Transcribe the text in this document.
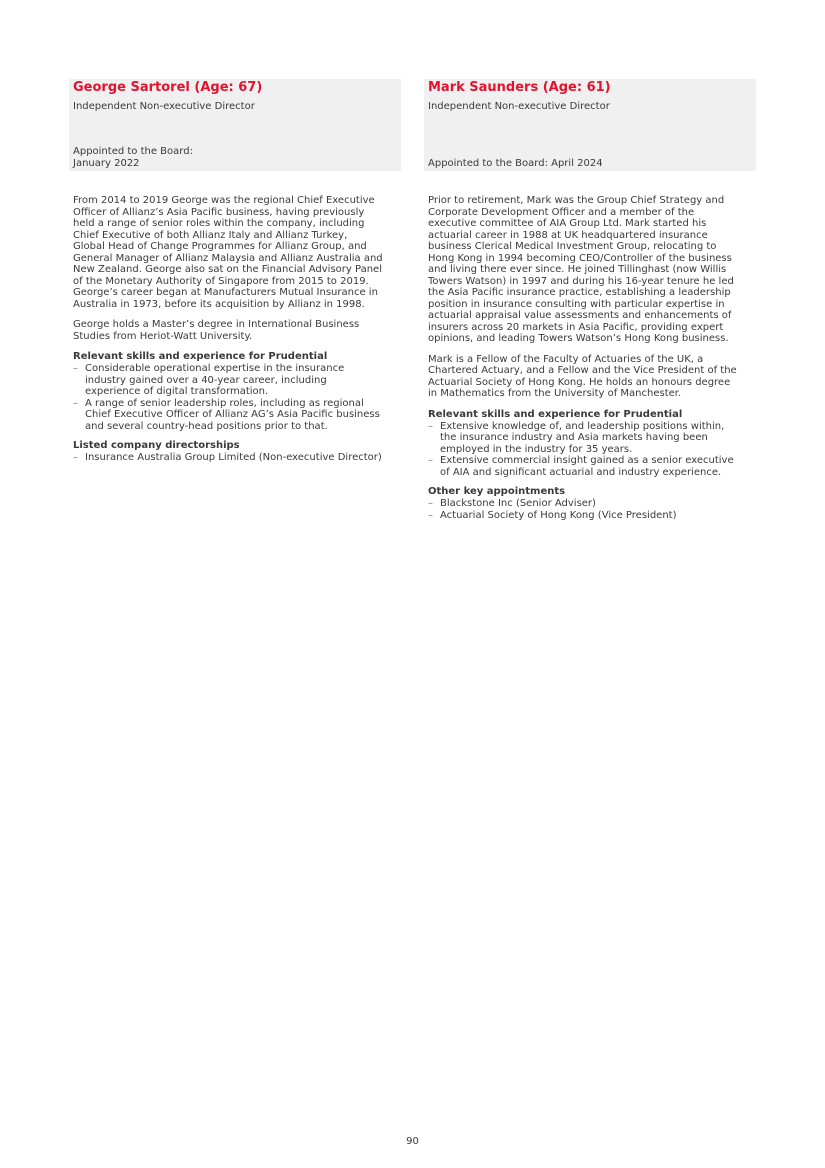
George Sartorel (Age: 67)
Independent Non-executive Director
Appointed to the Board:
January 2022

From 2014 to 2019 George was the regional Chief Executive
Officer of Allianz’s Asia Pacific business, having previously
held a range of senior roles within the company, including
Chief Executive of both Allianz Italy and Allianz Turkey,
Global Head of Change Programmes for Allianz Group, and
General Manager of Allianz Malaysia and Allianz Australia and
New Zealand. George also sat on the Financial Advisory Panel
of the Monetary Authority of Singapore from 2015 to 2019.
George’s career began at Manufacturers Mutual Insurance in
Australia in 1973, before its acquisition by Allianz in 1998.

George holds a Master’s degree in International Business
Studies from Heriot-Watt University.

Relevant skills and experience for Prudential
– Considerable operational expertise in the insurance
industry gained over a 40-year career, including
experience of digital transformation.
– A range of senior leadership roles, including as regional
Chief Executive Officer of Allianz AG’s Asia Pacific business
and several country-head positions prior to that.
Listed company directorships
– Insurance Australia Group Limited (Non-executive Director)
Mark Saunders (Age: 61)
Independent Non-executive Director
Appointed to the Board: April 2024

Prior to retirement, Mark was the Group Chief Strategy and
Corporate Development Officer and a member of the
executive committee of AIA Group Ltd. Mark started his
actuarial career in 1988 at UK headquartered insurance
business Clerical Medical Investment Group, relocating to
Hong Kong in 1994 becoming CEO/Controller of the business
and living there ever since. He joined Tillinghast (now Willis
Towers Watson) in 1997 and during his 16-year tenure he led
the Asia Pacific insurance practice, establishing a leadership
position in insurance consulting with particular expertise in
actuarial appraisal value assessments and enhancements of
insurers across 20 markets in Asia Pacific, providing expert
opinions, and leading Towers Watson’s Hong Kong business.

Mark is a Fellow of the Faculty of Actuaries of the UK, a
Chartered Actuary, and a Fellow and the Vice President of the
Actuarial Society of Hong Kong. He holds an honours degree
in Mathematics from the University of Manchester.

Relevant skills and experience for Prudential
– Extensive knowledge of, and leadership positions within,
the insurance industry and Asia markets having been
employed in the industry for 35 years.
– Extensive commercial insight gained as a senior executive
of AIA and significant actuarial and industry experience.
Other key appointments
– Blackstone Inc (Senior Adviser)
– Actuarial Society of Hong Kong (Vice President)
90
